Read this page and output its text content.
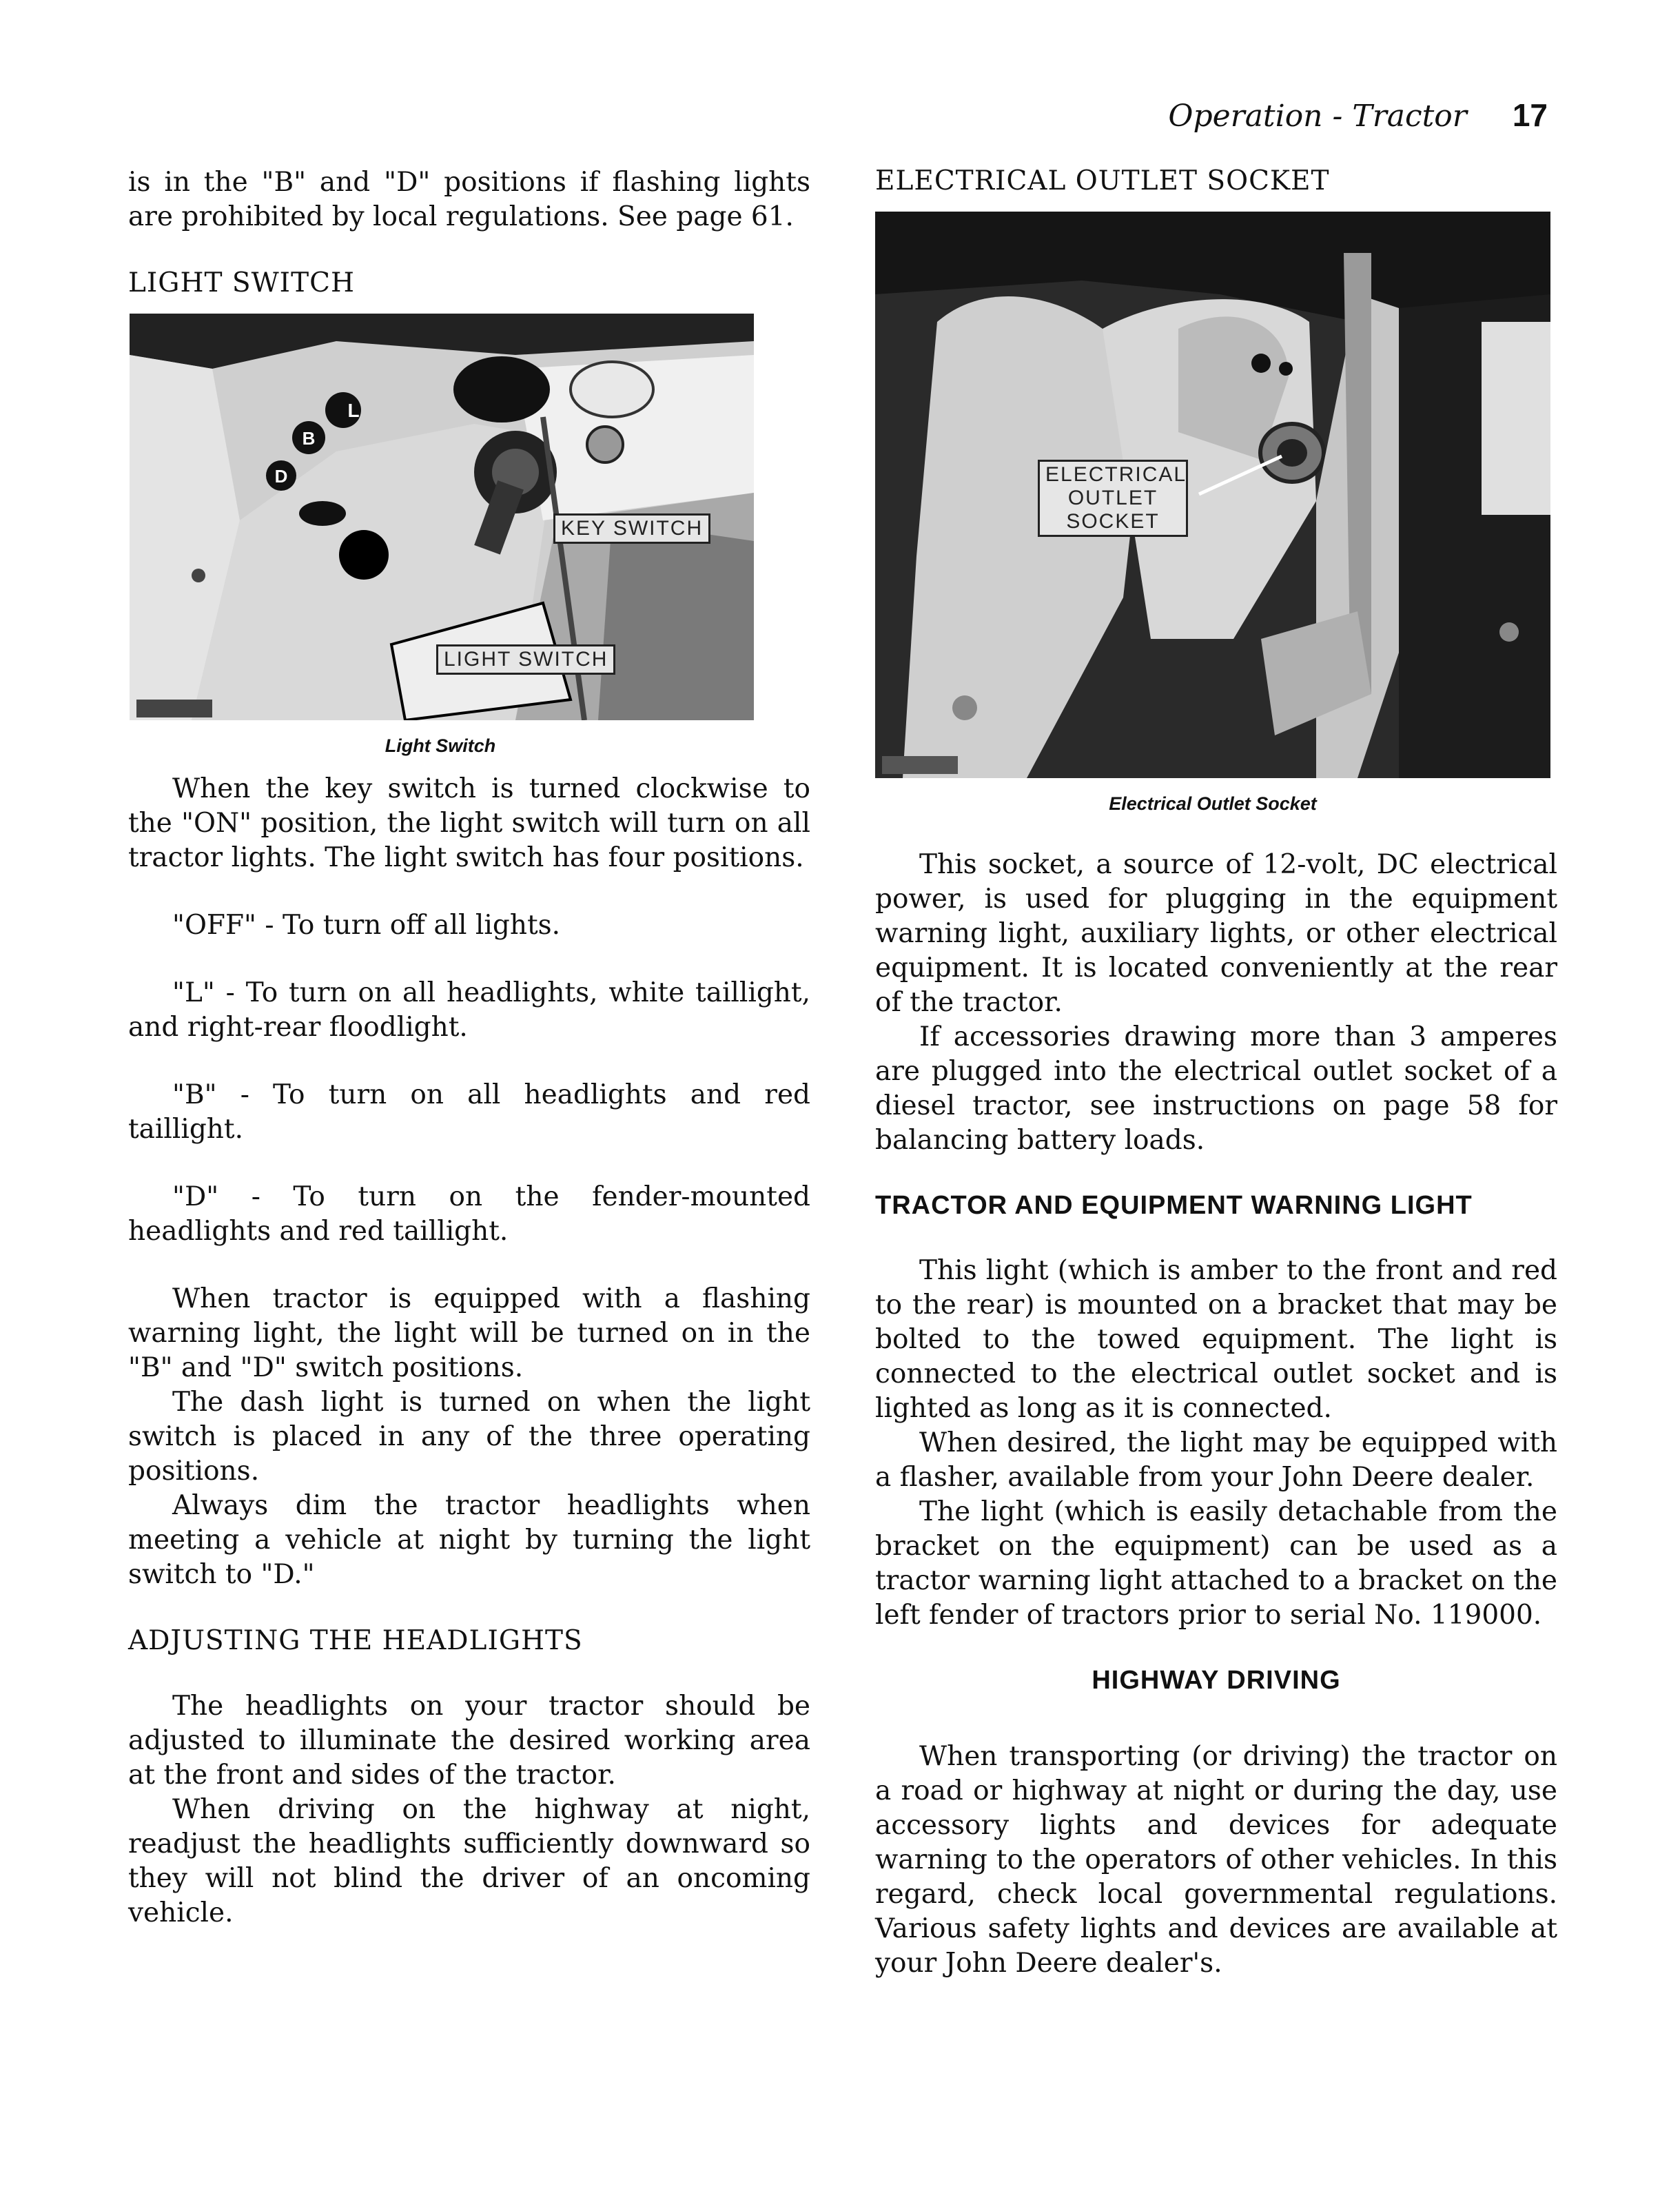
Operation - Tractor 17

is in the "B" and "D" positions if flashing lights are prohibited by local regulations. See page 61.

LIGHT SWITCH
L
B
D
KEY SWITCH
LIGHT SWITCH
Light Switch

When the key switch is turned clockwise to the "ON" position, the light switch will turn on all tractor lights. The light switch has four positions.

"OFF" - To turn off all lights.

"L" - To turn on all headlights, white taillight, and right-rear floodlight.

"B" - To turn on all headlights and red taillight.

"D" - To turn on the fender-mounted headlights and red taillight.

When tractor is equipped with a flashing warning light, the light will be turned on in the "B" and "D" switch positions.

The dash light is turned on when the light switch is placed in any of the three operating positions.

Always dim the tractor headlights when meeting a vehicle at night by turning the light switch to "D."

ADJUSTING THE HEADLIGHTS

The headlights on your tractor should be adjusted to illuminate the desired working area at the front and sides of the tractor.

When driving on the highway at night, readjust the headlights sufficiently downward so they will not blind the driver of an oncoming vehicle.

ELECTRICAL OUTLET SOCKET
ELECTRICAL OUTLET SOCKET
Electrical Outlet Socket

This socket, a source of 12-volt, DC electrical power, is used for plugging in the equipment warning light, auxiliary lights, or other electrical equipment. It is located conveniently at the rear of the tractor.

If accessories drawing more than 3 amperes are plugged into the electrical outlet socket of a diesel tractor, see instructions on page 58 for balancing battery loads.

TRACTOR AND EQUIPMENT WARNING LIGHT

This light (which is amber to the front and red to the rear) is mounted on a bracket that may be bolted to the towed equipment. The light is connected to the electrical outlet socket and is lighted as long as it is connected.

When desired, the light may be equipped with a flasher, available from your John Deere dealer.

The light (which is easily detachable from the bracket on the equipment) can be used as a tractor warning light attached to a bracket on the left fender of tractors prior to serial No. 119000.

HIGHWAY DRIVING

When transporting (or driving) the tractor on a road or highway at night or during the day, use accessory lights and devices for adequate warning to the operators of other vehicles. In this regard, check local governmental regulations. Various safety lights and devices are available at your John Deere dealer's.
